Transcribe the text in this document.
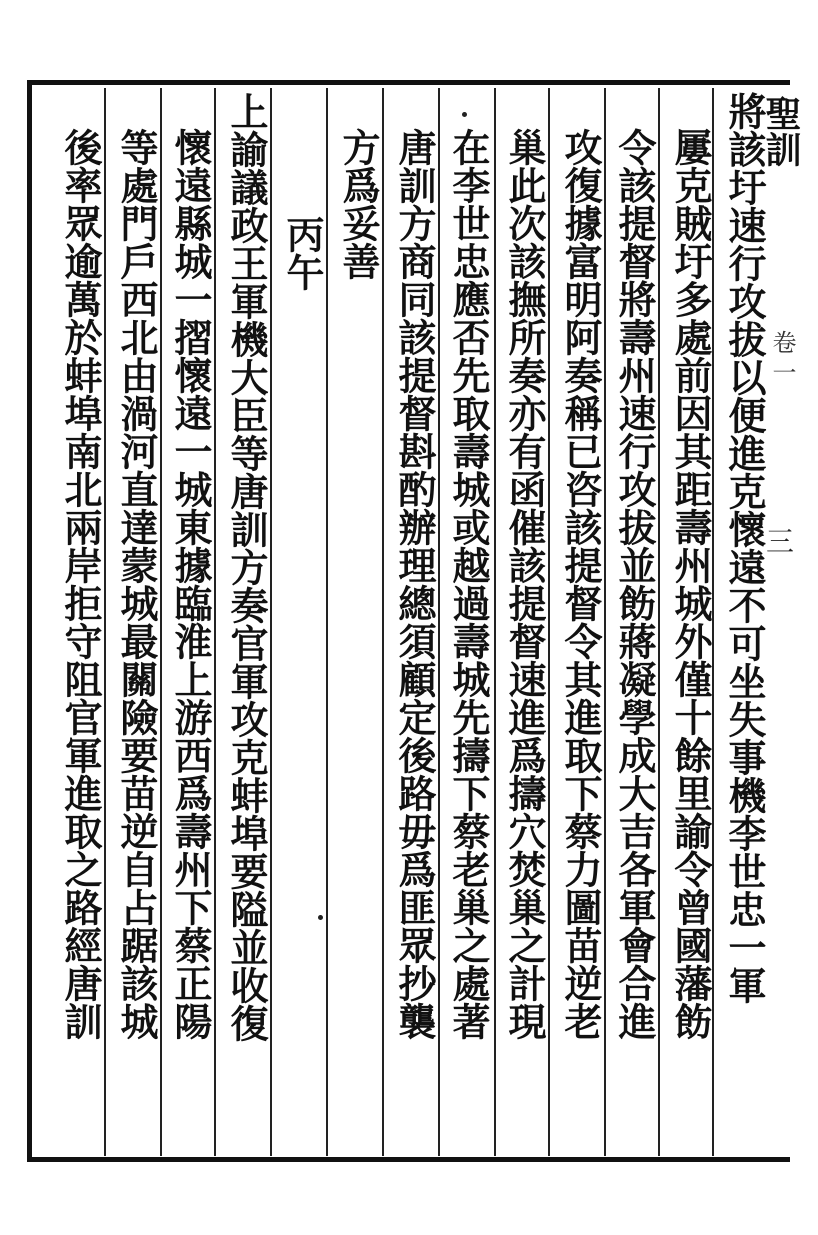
聖訓
卷一
三
將該圩速行攻拔以便進克懷遠不可坐失事機李世忠一軍
屢克賊圩多處前因其距壽州城外僅十餘里諭令曾國藩飭
令該提督將壽州速行攻拔並飭蔣凝學成大吉各軍會合進
攻復據富明阿奏稱已咨該提督令其進取下蔡力圖苗逆老
巢此次該撫所奏亦有函催該提督速進爲擣穴焚巢之計現
在李世忠應否先取壽城或越過壽城先擣下蔡老巢之處著
唐訓方商同該提督斟酌辦理總須顧定後路毋爲匪眾抄襲
方爲妥善
丙午
上諭議政王軍機大臣等唐訓方奏官軍攻克蚌埠要隘並收復
懷遠縣城一摺懷遠一城東據臨淮上游西爲壽州下蔡正陽
等處門戶西北由渦河直達蒙城最關險要苗逆自占踞該城
後率眾逾萬於蚌埠南北兩岸拒守阻官軍進取之路經唐訓
